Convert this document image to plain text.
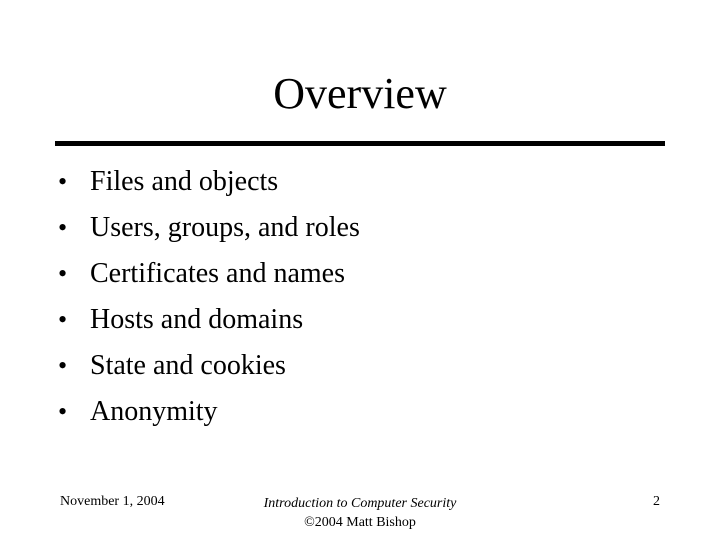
Overview
• Files and objects
• Users, groups, and roles
• Certificates and names
• Hosts and domains
• State and cookies
• Anonymity
November 1, 2004	Introduction to Computer Security
©2004 Matt Bishop
2
